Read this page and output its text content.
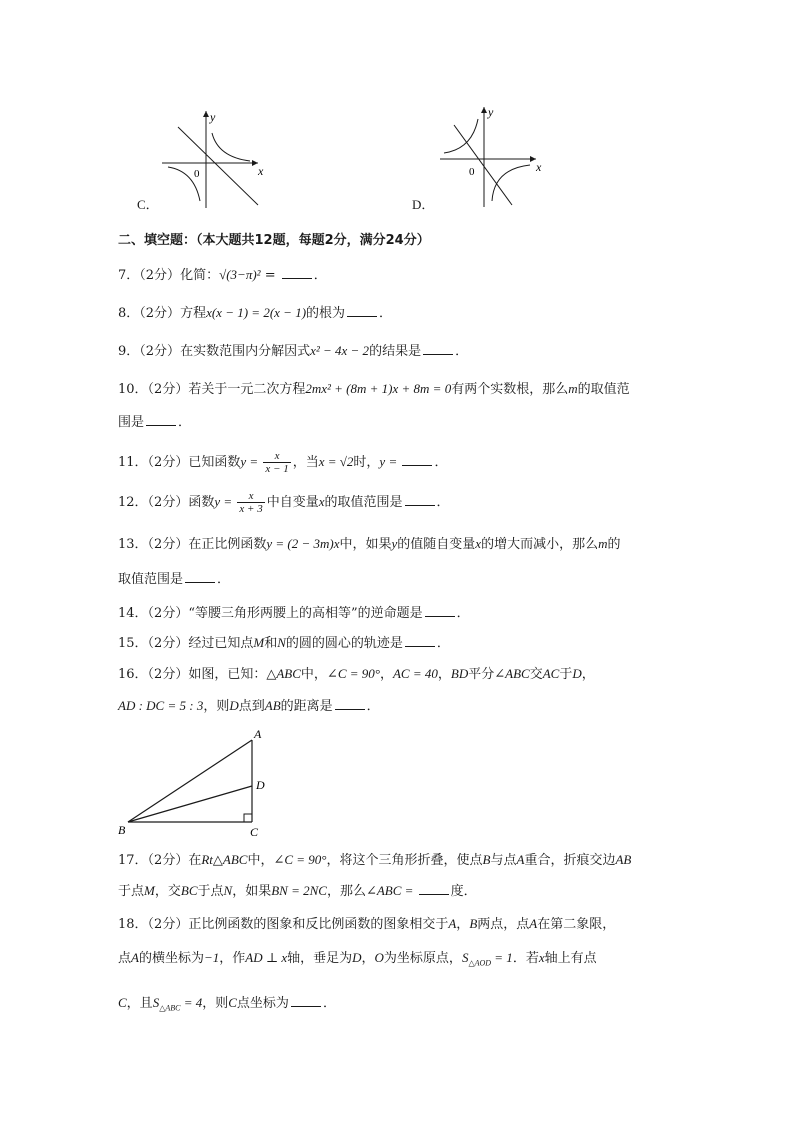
y
x
0
C．
y
x
0
D．
二、填空题：（本大题共12题，每题2分，满分24分）
7．（2分）化简：√(3−π)² =	．
8．（2分）方程x(x − 1) = 2(x − 1)的根为	．
9．（2分）在实数范围内分解因式x² − 4x − 2的结果是	．
10．（2分）若关于一元二次方程2mx² + (8m + 1)x + 8m = 0有两个实数根，那么m的取值范
围是	．
11．（2分）已知函数$y = \frac{x}{x - 1}$ ，当x = √2时，y =	．
12．（2分）函数$y = \frac{x}{x + 3}$ 中自变量x的取值范围是	．
13．（2分）在正比例函数y = (2 − 3m)x中，如果y的值随自变量x的增大而减小，那么m的
取值范围是	．
14．（2分）“等腰三角形两腰上的高相等”的逆命题是	．
15．（2分）经过已知点M和N的圆的圆心的轨迹是	．
16．（2分）如图，已知：△ABC中，∠C = 90°，AC = 40，BD平分∠ABC交AC于D，
AD : DC = 5 : 3，则D点到AB的距离是	．
A
D
B	C
17．（2分）在Rt△ABC中，∠C = 90°，将这个三角形折叠，使点B与点A重合，折痕交边AB
于点M，交BC于点N，如果BN = 2NC，那么∠ABC =	度．
18．（2分）正比例函数的图象和反比例函数的图象相交于A，B两点，点A在第二象限，
点A的横坐标为−1，作AD ⊥ x轴，垂足为D，O为坐标原点，$S_{\triangle AOD} = 1$．若x轴上有点
C，且$S_{\triangle ABC} = 4$，则C点坐标为	．
